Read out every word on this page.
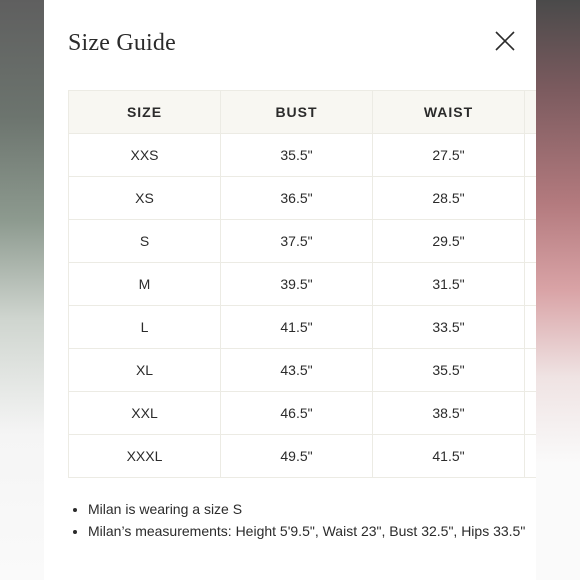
Size Guide
SIZE	BUST	WAIST	
XXS	35.5"	27.5"	
XS	36.5"	28.5"	
S	37.5"	29.5"	
M	39.5"	31.5"	
L	41.5"	33.5"	
XL	43.5"	35.5"	
XXL	46.5"	38.5"	
XXXL	49.5"	41.5"	
• Milan is wearing a size S
• Milan’s measurements: Height 5'9.5", Waist 23", Bust 32.5", Hips 33.5"
